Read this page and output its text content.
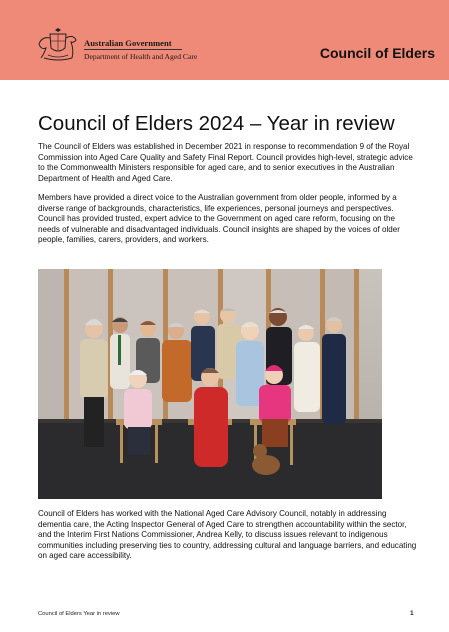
Australian Government
Department of Health and Aged Care	Council of Elders
Council of Elders 2024 – Year in review
The Council of Elders was established in December 2021 in response to recommendation 9 of the Royal Commission into Aged Care Quality and Safety Final Report. Council provides high-level, strategic advice to the Commonwealth Ministers responsible for aged care, and to senior executives in the Australian Department of Health and Aged Care.
Members have provided a direct voice to the Australian government from older people, informed by a diverse range of backgrounds, characteristics, life experiences, personal journeys and perspectives. Council has provided trusted, expert advice to the Government on aged care reform, focusing on the needs of vulnerable and disadvantaged individuals. Council insights are shaped by the voices of older people, families, carers, providers, and workers.
Council of Elders has worked with the National Aged Care Advisory Council, notably in addressing dementia care, the Acting Inspector General of Aged Care to strengthen accountability within the sector, and the Interim First Nations Commissioner, Andrea Kelly, to discuss issues relevant to indigenous communities including preserving ties to country, addressing cultural and language barriers, and educating on aged care accessibility.
Council of Elders Year in review	1
